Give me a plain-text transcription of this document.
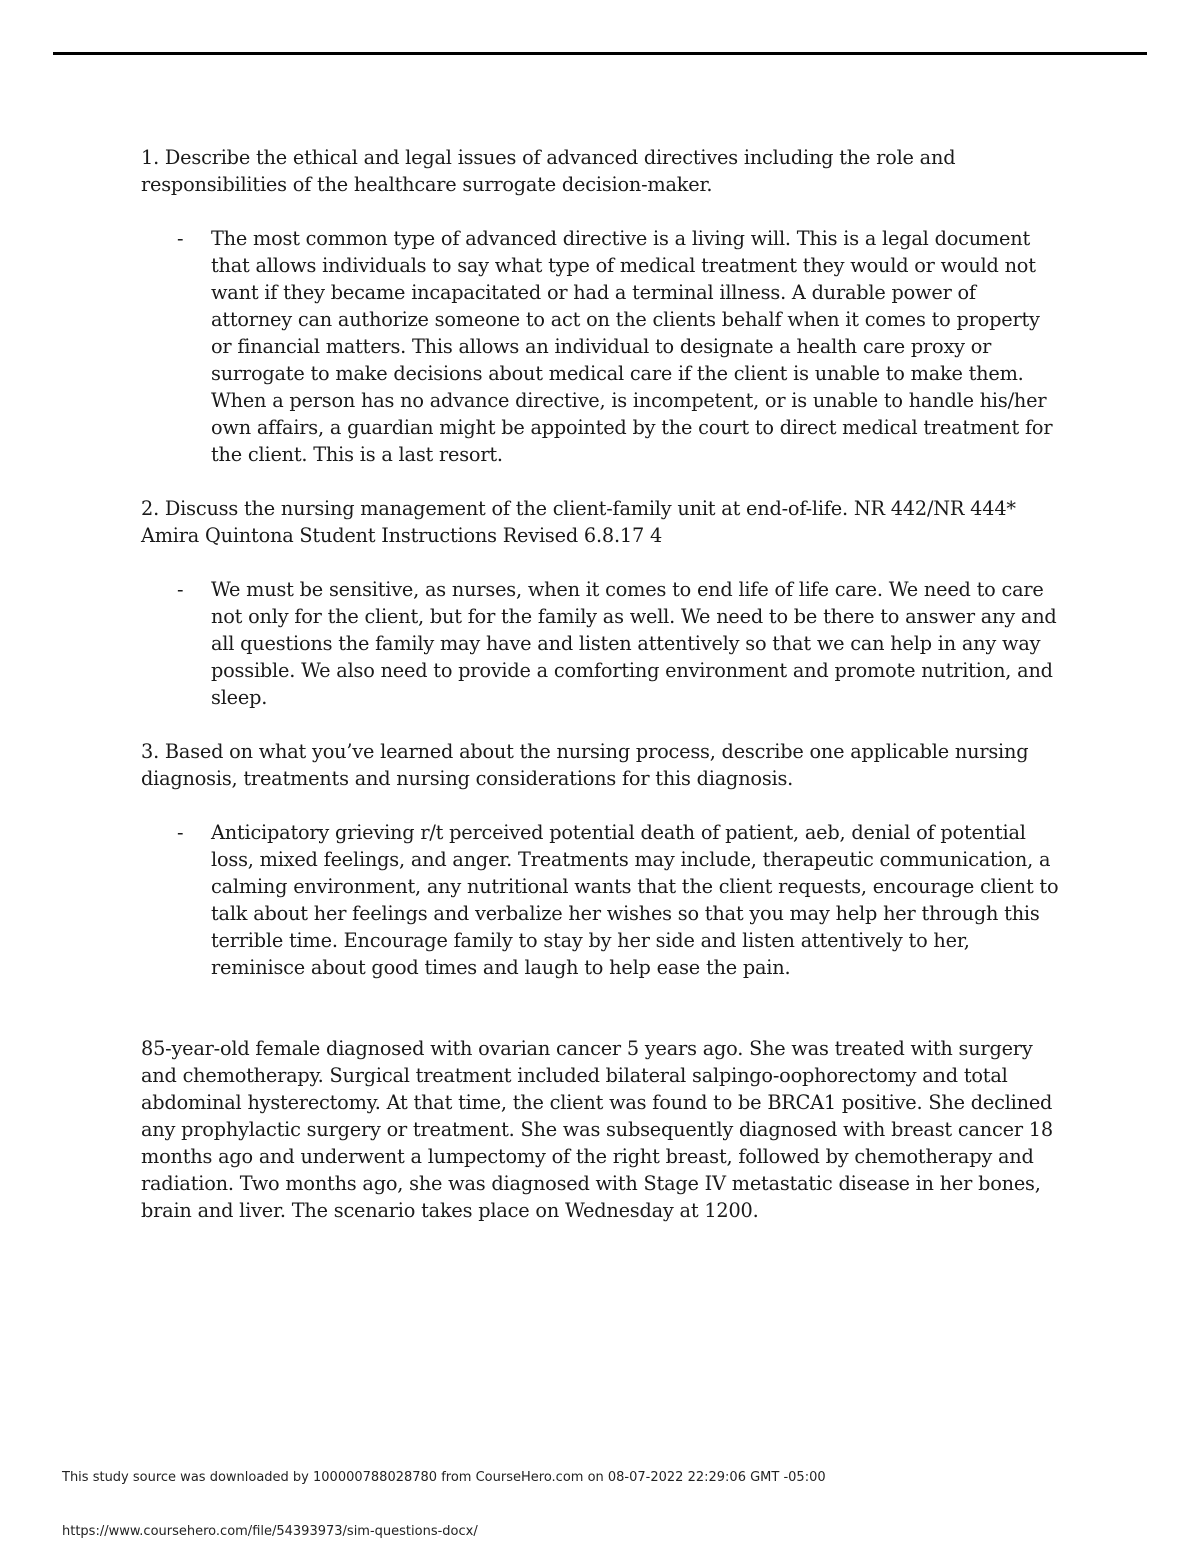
1. Describe the ethical and legal issues of advanced directives including the role and responsibilities of the healthcare surrogate decision-maker.

- The most common type of advanced directive is a living will. This is a legal document that allows individuals to say what type of medical treatment they would or would not want if they became incapacitated or had a terminal illness. A durable power of attorney can authorize someone to act on the clients behalf when it comes to property or financial matters. This allows an individual to designate a health care proxy or surrogate to make decisions about medical care if the client is unable to make them. When a person has no advance directive, is incompetent, or is unable to handle his/her own affairs, a guardian might be appointed by the court to direct medical treatment for the client. This is a last resort.

2. Discuss the nursing management of the client-family unit at end-of-life. NR 442/NR 444* Amira Quintona Student Instructions Revised 6.8.17 4

- We must be sensitive, as nurses, when it comes to end life of life care. We need to care not only for the client, but for the family as well. We need to be there to answer any and all questions the family may have and listen attentively so that we can help in any way possible. We also need to provide a comforting environment and promote nutrition, and sleep.

3. Based on what you’ve learned about the nursing process, describe one applicable nursing diagnosis, treatments and nursing considerations for this diagnosis.

- Anticipatory grieving r/t perceived potential death of patient, aeb, denial of potential loss, mixed feelings, and anger. Treatments may include, therapeutic communication, a calming environment, any nutritional wants that the client requests, encourage client to talk about her feelings and verbalize her wishes so that you may help her through this terrible time. Encourage family to stay by her side and listen attentively to her, reminisce about good times and laugh to help ease the pain.

85-year-old female diagnosed with ovarian cancer 5 years ago. She was treated with surgery and chemotherapy. Surgical treatment included bilateral salpingo-oophorectomy and total abdominal hysterectomy. At that time, the client was found to be BRCA1 positive. She declined any prophylactic surgery or treatment. She was subsequently diagnosed with breast cancer 18 months ago and underwent a lumpectomy of the right breast, followed by chemotherapy and radiation. Two months ago, she was diagnosed with Stage IV metastatic disease in her bones, brain and liver. The scenario takes place on Wednesday at 1200.

This study source was downloaded by 100000788028780 from CourseHero.com on 08-07-2022 22:29:06 GMT -05:00
https://www.coursehero.com/file/54393973/sim-questions-docx/
